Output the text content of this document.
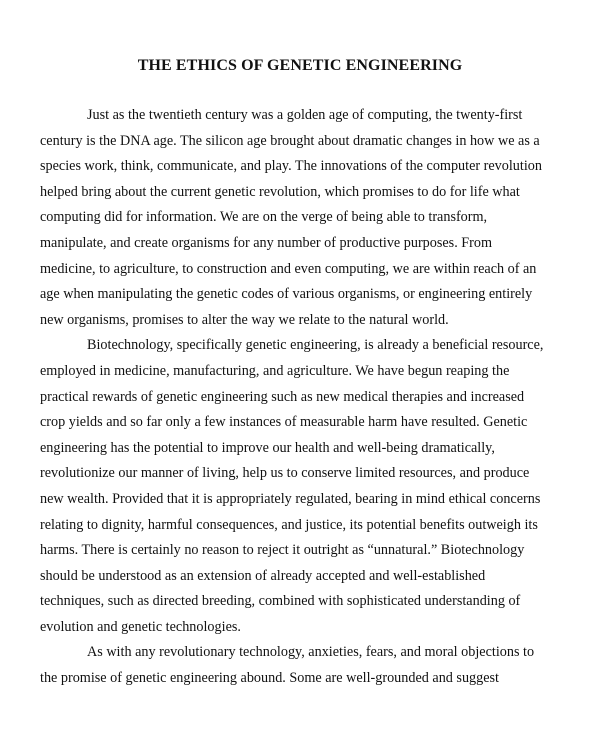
THE ETHICS OF GENETIC ENGINEERING
Just as the twentieth century was a golden age of computing, the twenty-first
century is the DNA age. The silicon age brought about dramatic changes in how we as a
species work, think, communicate, and play. The innovations of the computer revolution
helped bring about the current genetic revolution, which promises to do for life what
computing did for information. We are on the verge of being able to transform,
manipulate, and create organisms for any number of productive purposes. From
medicine, to agriculture, to construction and even computing, we are within reach of an
age when manipulating the genetic codes of various organisms, or engineering entirely
new organisms, promises to alter the way we relate to the natural world.
Biotechnology, specifically genetic engineering, is already a beneficial resource,
employed in medicine, manufacturing, and agriculture. We have begun reaping the
practical rewards of genetic engineering such as new medical therapies and increased
crop yields and so far only a few instances of measurable harm have resulted. Genetic
engineering has the potential to improve our health and well-being dramatically,
revolutionize our manner of living, help us to conserve limited resources, and produce
new wealth. Provided that it is appropriately regulated, bearing in mind ethical concerns
relating to dignity, harmful consequences, and justice, its potential benefits outweigh its
harms. There is certainly no reason to reject it outright as “unnatural.” Biotechnology
should be understood as an extension of already accepted and well-established
techniques, such as directed breeding, combined with sophisticated understanding of
evolution and genetic technologies.
As with any revolutionary technology, anxieties, fears, and moral objections to
the promise of genetic engineering abound. Some are well-grounded and suggest
